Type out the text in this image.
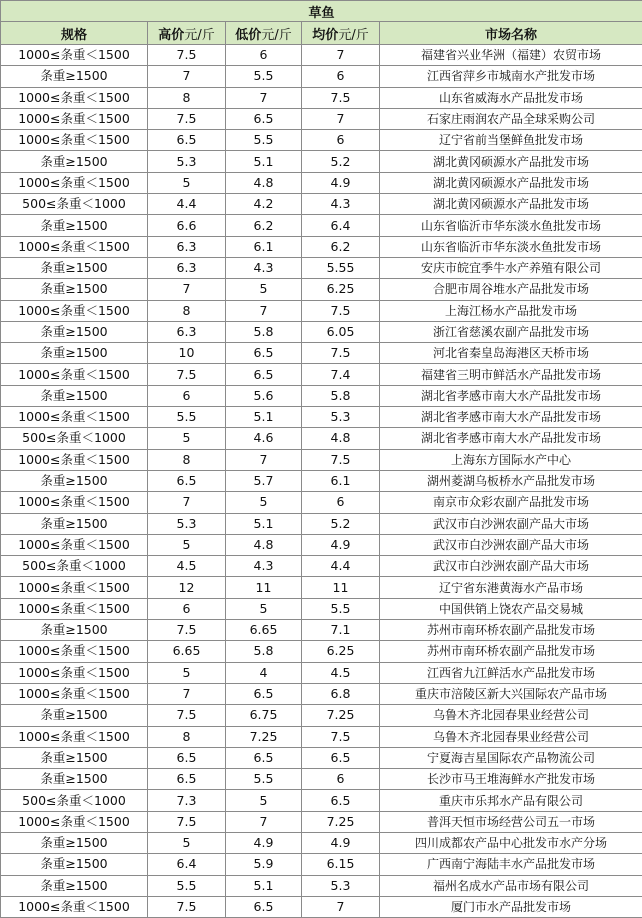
草鱼				
规格	高价元/斤	低价元/斤	均价元/斤	市场名称
1000≤条重＜1500	7.5	6	7	福建省兴业华洲（福建）农贸市场
条重≥1500	7	5.5	6	江西省萍乡市城南水产批发市场
1000≤条重＜1500	8	7	7.5	山东省威海水产品批发市场
1000≤条重＜1500	7.5	6.5	7	石家庄雨润农产品全球采购公司
1000≤条重＜1500	6.5	5.5	6	辽宁省前当堡鲜鱼批发市场
条重≥1500	5.3	5.1	5.2	湖北黄冈硕源水产品批发市场
1000≤条重＜1500	5	4.8	4.9	湖北黄冈硕源水产品批发市场
500≤条重＜1000	4.4	4.2	4.3	湖北黄冈硕源水产品批发市场
条重≥1500	6.6	6.2	6.4	山东省临沂市华东淡水鱼批发市场
1000≤条重＜1500	6.3	6.1	6.2	山东省临沂市华东淡水鱼批发市场
条重≥1500	6.3	4.3	5.55	安庆市皖宜季牛水产养殖有限公司
条重≥1500	7	5	6.25	合肥市周谷堆水产品批发市场
1000≤条重＜1500	8	7	7.5	上海江杨水产品批发市场
条重≥1500	6.3	5.8	6.05	浙江省慈溪农副产品批发市场
条重≥1500	10	6.5	7.5	河北省秦皇岛海港区天桥市场
1000≤条重＜1500	7.5	6.5	7.4	福建省三明市鲜活水产品批发市场
条重≥1500	6	5.6	5.8	湖北省孝感市南大水产品批发市场
1000≤条重＜1500	5.5	5.1	5.3	湖北省孝感市南大水产品批发市场
500≤条重＜1000	5	4.6	4.8	湖北省孝感市南大水产品批发市场
1000≤条重＜1500	8	7	7.5	上海东方国际水产中心
条重≥1500	6.5	5.7	6.1	湖州菱湖乌板桥水产品批发市场
1000≤条重＜1500	7	5	6	南京市众彩农副产品批发市场
条重≥1500	5.3	5.1	5.2	武汉市白沙洲农副产品大市场
1000≤条重＜1500	5	4.8	4.9	武汉市白沙洲农副产品大市场
500≤条重＜1000	4.5	4.3	4.4	武汉市白沙洲农副产品大市场
1000≤条重＜1500	12	11	11	辽宁省东港黄海水产品市场
1000≤条重＜1500	6	5	5.5	中国供销上饶农产品交易城
条重≥1500	7.5	6.65	7.1	苏州市南环桥农副产品批发市场
1000≤条重＜1500	6.65	5.8	6.25	苏州市南环桥农副产品批发市场
1000≤条重＜1500	5	4	4.5	江西省九江鲜活水产品批发市场
1000≤条重＜1500	7	6.5	6.8	重庆市涪陵区新大兴国际农产品市场
条重≥1500	7.5	6.75	7.25	乌鲁木齐北园春果业经营公司
1000≤条重＜1500	8	7.25	7.5	乌鲁木齐北园春果业经营公司
条重≥1500	6.5	6.5	6.5	宁夏海吉星国际农产品物流公司
条重≥1500	6.5	5.5	6	长沙市马王堆海鲜水产批发市场
500≤条重＜1000	7.3	5	6.5	重庆市乐邦水产品有限公司
1000≤条重＜1500	7.5	7	7.25	普洱天恒市场经营公司五一市场
条重≥1500	5	4.9	4.9	四川成都农产品中心批发市水产分场
条重≥1500	6.4	5.9	6.15	广西南宁海陆丰水产品批发市场
条重≥1500	5.5	5.1	5.3	福州名成水产品市场有限公司
1000≤条重＜1500	7.5	6.5	7	厦门市水产品批发市场
